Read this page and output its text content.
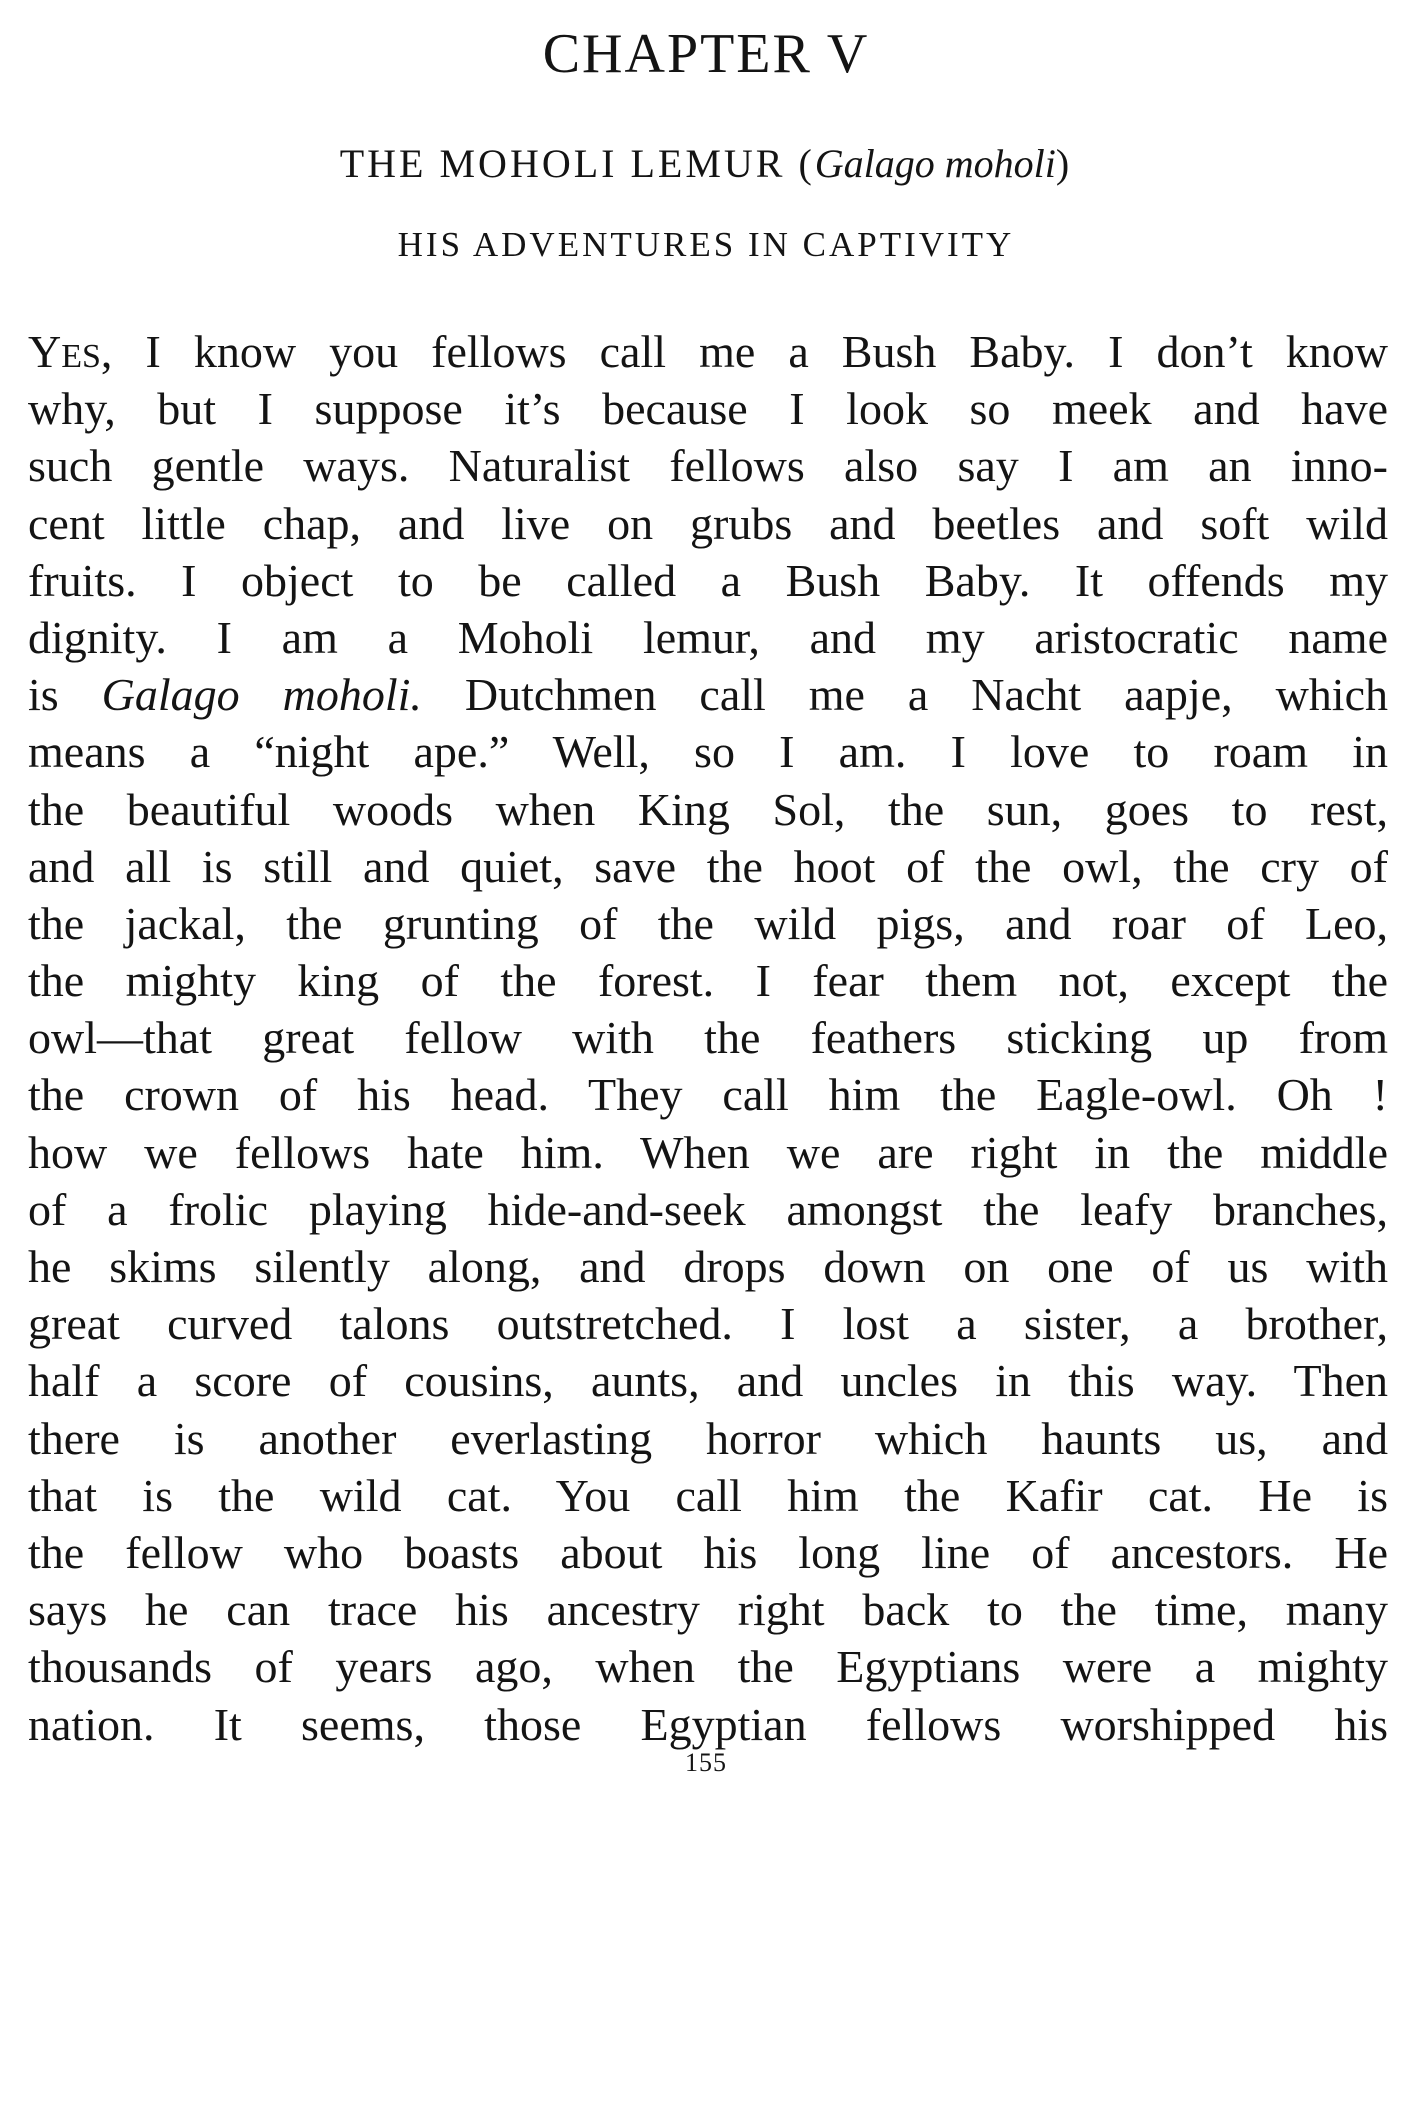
CHAPTER V
THE MOHOLI LEMUR (Galago moholi)
HIS ADVENTURES IN CAPTIVITY
YES, I know you fellows call me a Bush Baby. I don’t know
why, but I suppose it’s because I look so meek and have
such gentle ways. Naturalist fellows also say I am an inno-
cent little chap, and live on grubs and beetles and soft wild
fruits. I object to be called a Bush Baby. It offends my
dignity. I am a Moholi lemur, and my aristocratic name
is Galago moholi. Dutchmen call me a Nacht aapje, which
means a “night ape.” Well, so I am. I love to roam in
the beautiful woods when King Sol, the sun, goes to rest,
and all is still and quiet, save the hoot of the owl, the cry of
the jackal, the grunting of the wild pigs, and roar of Leo,
the mighty king of the forest. I fear them not, except the
owl—that great fellow with the feathers sticking up from
the crown of his head. They call him the Eagle-owl. Oh !
how we fellows hate him. When we are right in the middle
of a frolic playing hide-and-seek amongst the leafy branches,
he skims silently along, and drops down on one of us with
great curved talons outstretched. I lost a sister, a brother,
half a score of cousins, aunts, and uncles in this way. Then
there is another everlasting horror which haunts us, and
that is the wild cat. You call him the Kafir cat. He is
the fellow who boasts about his long line of ancestors. He
says he can trace his ancestry right back to the time, many
thousands of years ago, when the Egyptians were a mighty
nation. It seems, those Egyptian fellows worshipped his
155
